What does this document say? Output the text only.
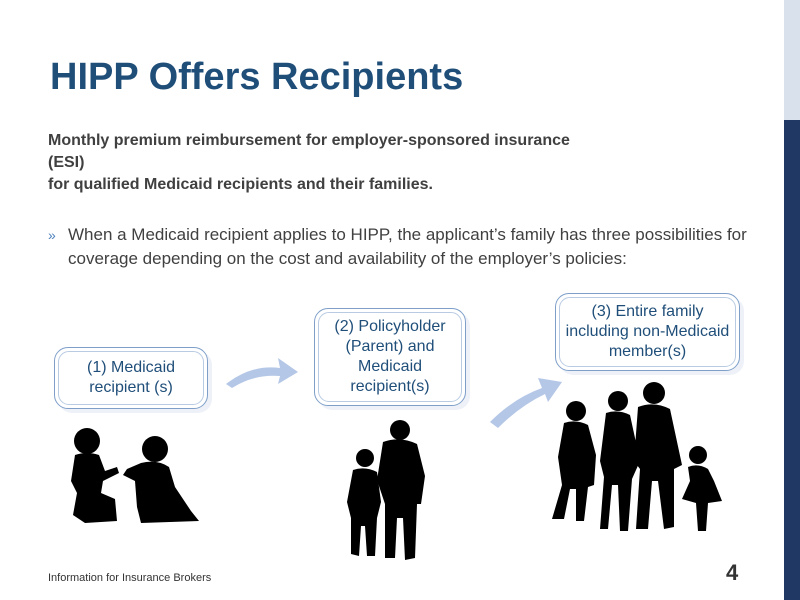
HIPP Offers Recipients
Monthly premium reimbursement for employer-sponsored insurance
(ESI)
for qualified Medicaid recipients and their families.
» When a Medicaid recipient applies to HIPP, the applicant’s family has three possibilities for coverage depending on the cost and availability of the employer’s policies:
(1) Medicaid recipient (s)
(2) Policyholder (Parent) and Medicaid recipient(s)
(3) Entire family including non-Medicaid member(s)
Information for Insurance Brokers	4
